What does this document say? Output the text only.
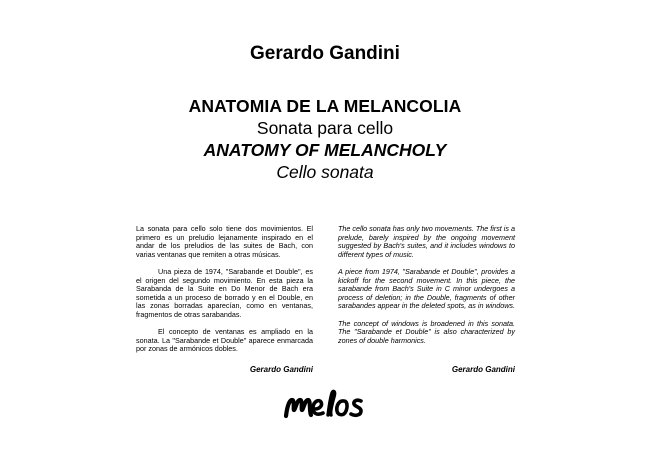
Gerardo Gandini
ANATOMIA DE LA MELANCOLIA
Sonata para cello
ANATOMY OF MELANCHOLY
Cello sonata

La sonata para cello solo tiene dos movimientos. El primero es un preludio lejanamente inspirado en el andar de los preludios de las suites de Bach, con varias ventanas que remiten a otras músicas.

Una pieza de 1974, "Sarabande et Double", es el origen del segundo movimiento. En esta pieza la Sarabanda de la Suite en Do Menor de Bach era sometida a un proceso de borrado y en el Double, en las zonas borradas aparecían, como en ventanas, fragmentos de otras sarabandas.

El concepto de ventanas es ampliado en la sonata. La "Sarabande et Double" aparece enmarcada por zonas de armónicos dobles.

The cello sonata has only two movements. The first is a prelude, barely inspired by the ongoing movement suggested by Bach's suites, and it includes windows to different types of music.

A piece from 1974, "Sarabande et Double", provides a kickoff for the second movement. In this piece, the sarabande from Bach's Suite in C minor undergoes a process of deletion; in the Double, fragments of other sarabandes appear in the deleted spots, as in windows.

The concept of windows is broadened in this sonata. The "Sarabande et Double" is also characterized by zones of double harmonics.

Gerardo Gandini	Gerardo Gandini
